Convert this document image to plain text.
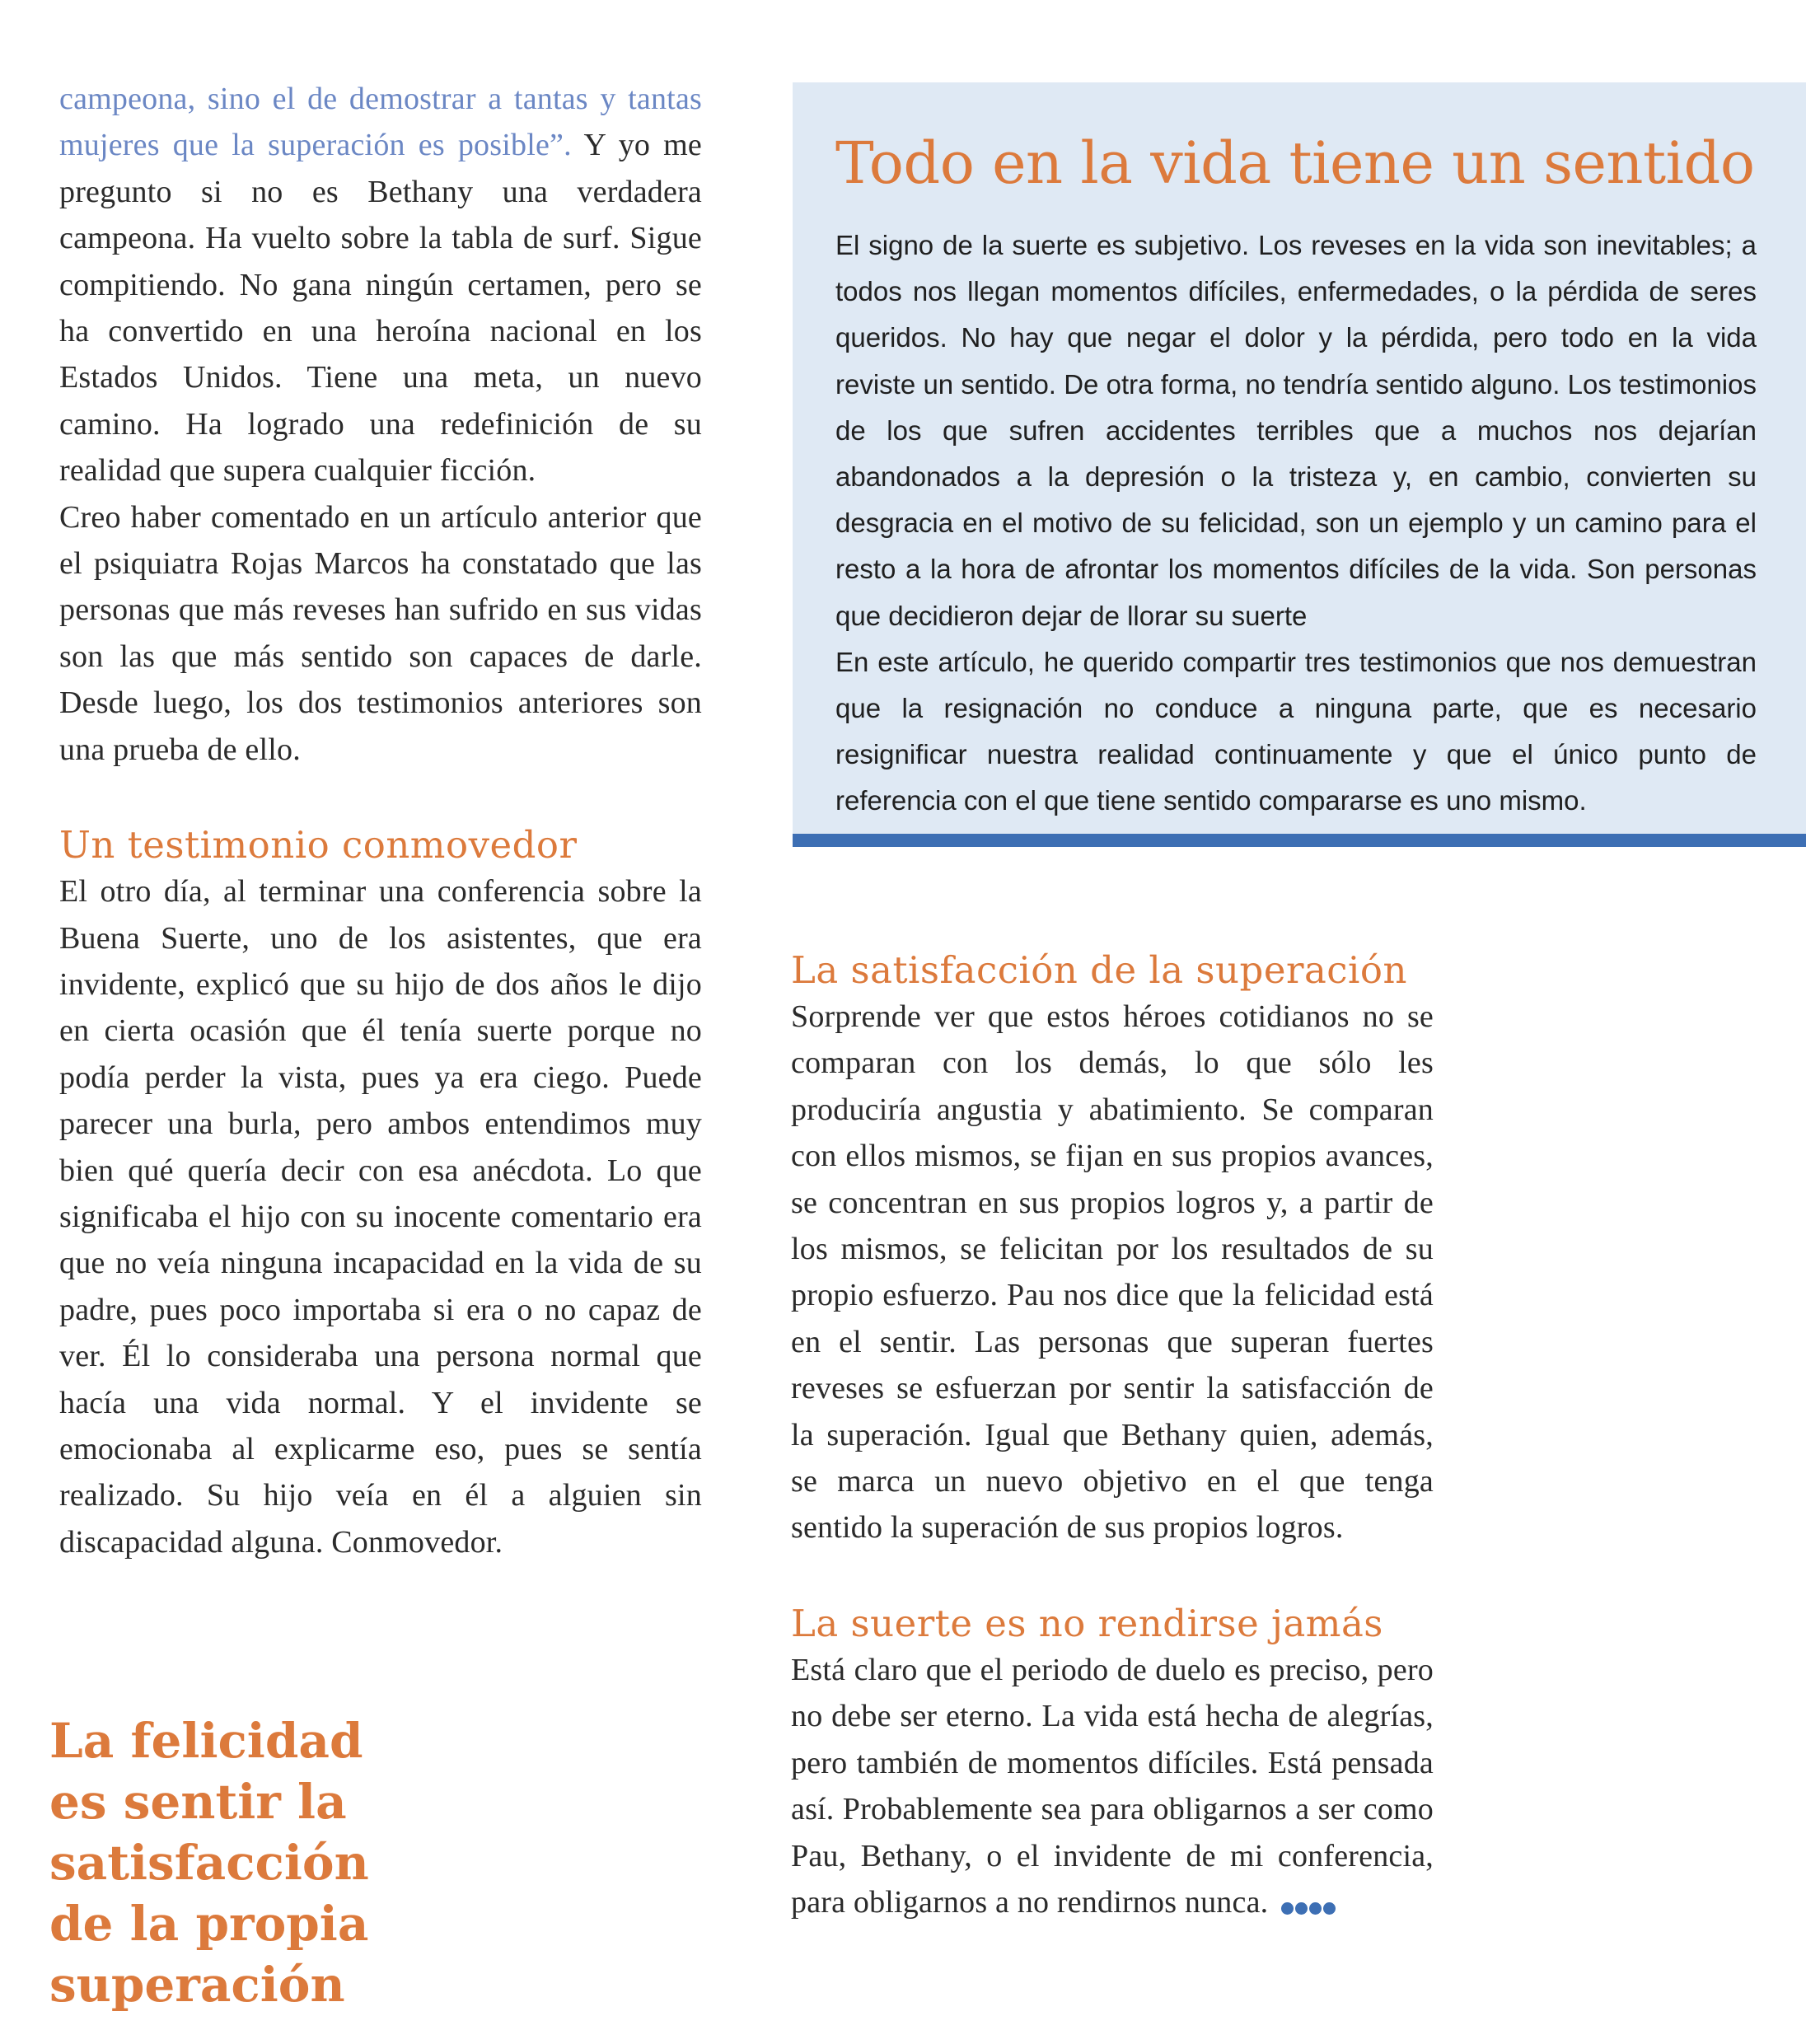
campeona, sino el de demostrar a tantas y tantas mujeres que la superación es posible”. Y yo me pregunto si no es Bethany una verdadera campeona. Ha vuelto sobre la tabla de surf. Sigue compitiendo. No gana ningún certamen, pero se ha convertido en una heroína nacional en los Estados Unidos. Tiene una meta, un nuevo camino. Ha logrado una redefinición de su realidad que supera cualquier ficción.

Creo haber comentado en un artículo anterior que el psiquiatra Rojas Marcos ha constatado que las personas que más reveses han sufrido en sus vidas son las que más sentido son capaces de darle. Desde luego, los dos testimonios anteriores son una prueba de ello.

Un testimonio conmovedor

El otro día, al terminar una conferencia sobre la Buena Suerte, uno de los asistentes, que era invidente, explicó que su hijo de dos años le dijo en cierta ocasión que él tenía suerte porque no podía perder la vista, pues ya era ciego. Puede parecer una burla, pero ambos entendimos muy bien qué quería decir con esa anécdota. Lo que significaba el hijo con su inocente comentario era que no veía ninguna incapacidad en la vida de su padre, pues poco importaba si era o no capaz de ver. Él lo consideraba una persona normal que hacía una vida normal. Y el invidente se emocionaba al explicarme eso, pues se sentía realizado. Su hijo veía en él a alguien sin discapacidad alguna. Conmovedor.

La felicidad
es sentir la
satisfacción
de la propia
superación
Todo en la vida tiene un sentido

El signo de la suerte es subjetivo. Los reveses en la vida son inevitables; a todos nos llegan momentos difíciles, enfermedades, o la pérdida de seres queridos. No hay que negar el dolor y la pérdida, pero todo en la vida reviste un sentido. De otra forma, no tendría sentido alguno. Los testimonios de los que sufren accidentes terribles que a muchos nos dejarían abandonados a la depresión o la tristeza y, en cambio, convierten su desgracia en el motivo de su felicidad, son un ejemplo y un camino para el resto a la hora de afrontar los momentos difíciles de la vida. Son personas que decidieron dejar de llorar su suerte

En este artículo, he querido compartir tres testimonios que nos demuestran que la resignación no conduce a ninguna parte, que es necesario resignificar nuestra realidad continuamente y que el único punto de referencia con el que tiene sentido compararse es uno mismo.

La satisfacción de la superación

Sorprende ver que estos héroes cotidianos no se comparan con los demás, lo que sólo les produciría angustia y abatimiento. Se comparan con ellos mismos, se fijan en sus propios avances, se concentran en sus propios logros y, a partir de los mismos, se felicitan por los resultados de su propio esfuerzo. Pau nos dice que la felicidad está en el sentir. Las personas que superan fuertes reveses se esfuerzan por sentir la satisfacción de la superación. Igual que Bethany quien, además, se marca un nuevo objetivo en el que tenga sentido la superación de sus propios logros.

La suerte es no rendirse jamás

Está claro que el periodo de duelo es preciso, pero no debe ser eterno. La vida está hecha de alegrías, pero también de momentos difíciles. Está pensada así. Probablemente sea para obligarnos a ser como Pau, Bethany, o el invidente de mi conferencia, para obligarnos a no rendirnos nunca.
